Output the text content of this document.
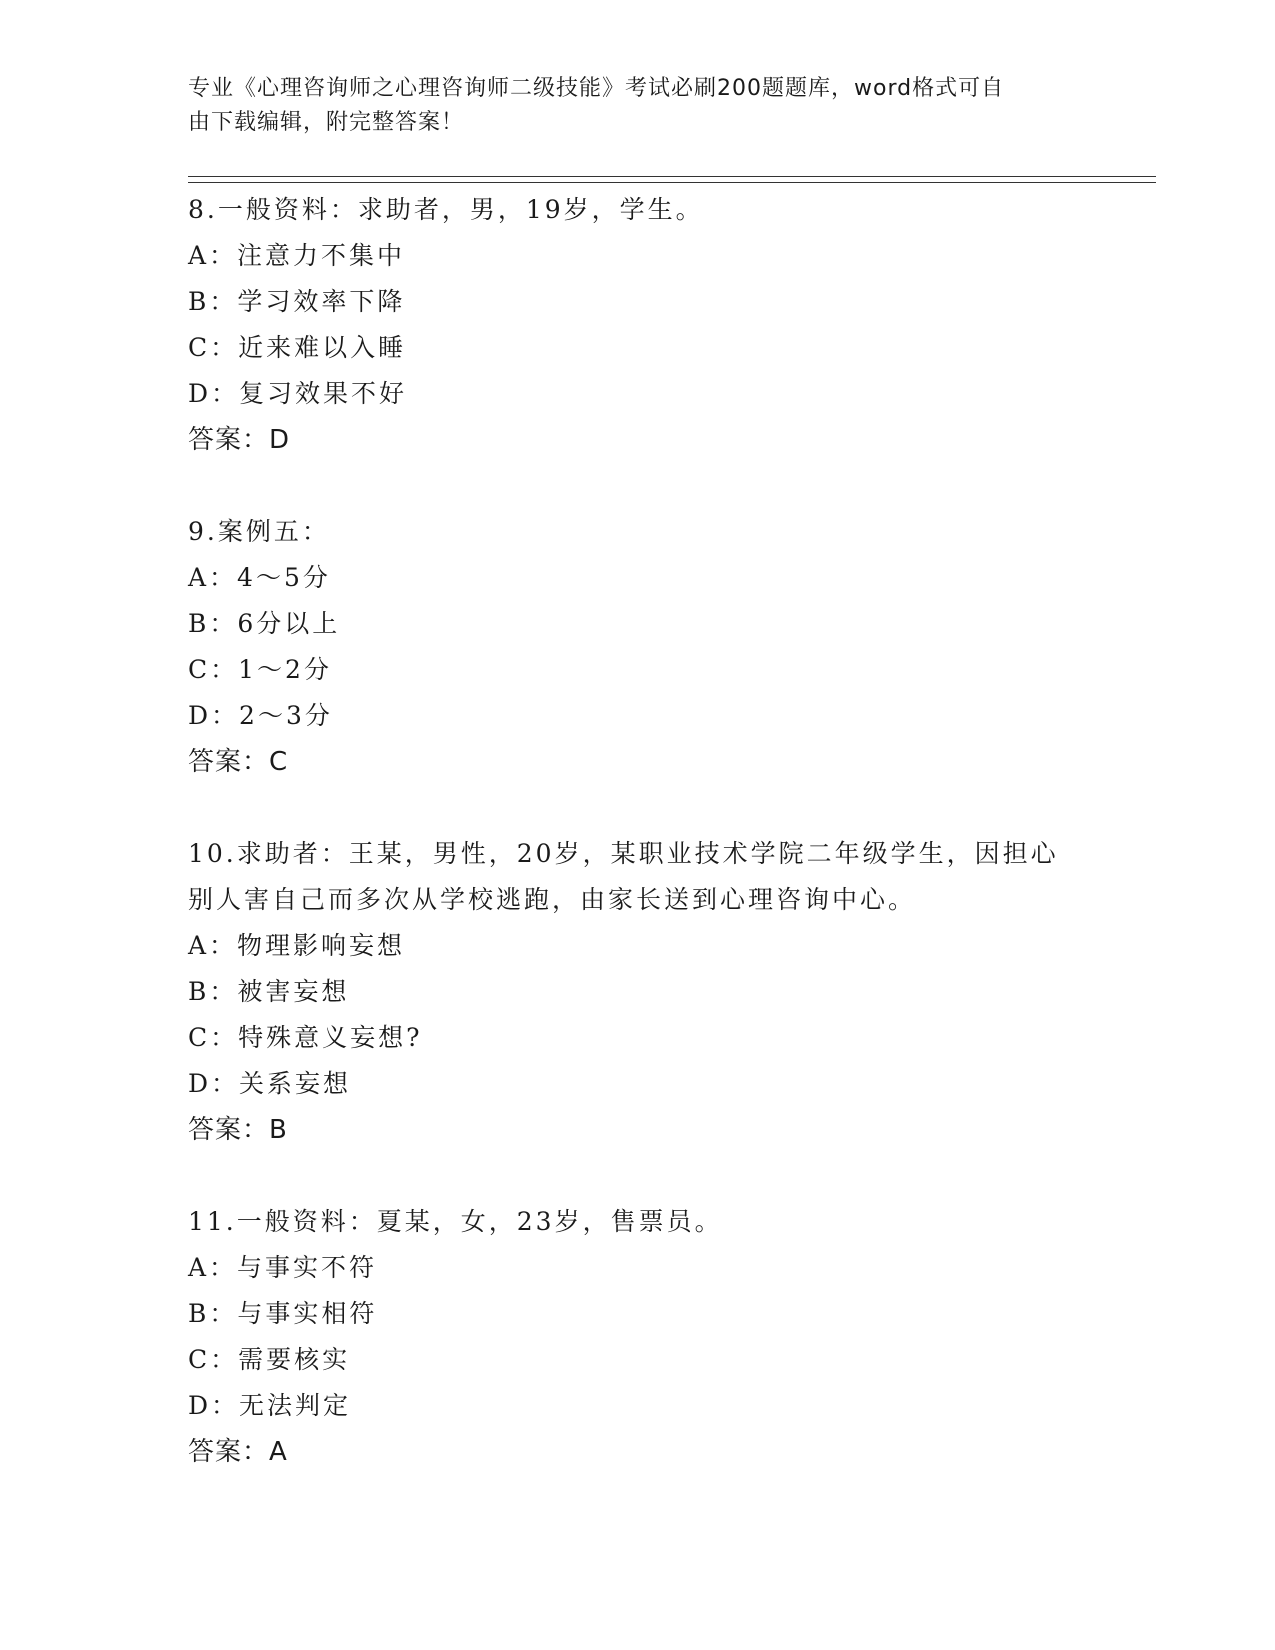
专业《心理咨询师之心理咨询师二级技能》考试必刷200题题库，word格式可自
由下载编辑，附完整答案！
8.一般资料：求助者，男，19岁，学生。
A：注意力不集中
B：学习效率下降
C：近来难以入睡
D：复习效果不好
答案：D
9.案例五：
A：4～5分
B：6分以上
C：1～2分
D：2～3分
答案：C
10.求助者：王某，男性，20岁，某职业技术学院二年级学生，因担心
别人害自己而多次从学校逃跑，由家长送到心理咨询中心。
A：物理影响妄想
B：被害妄想
C：特殊意义妄想?
D：关系妄想
答案：B
11.一般资料：夏某，女，23岁，售票员。
A：与事实不符
B：与事实相符
C：需要核实
D：无法判定
答案：A
